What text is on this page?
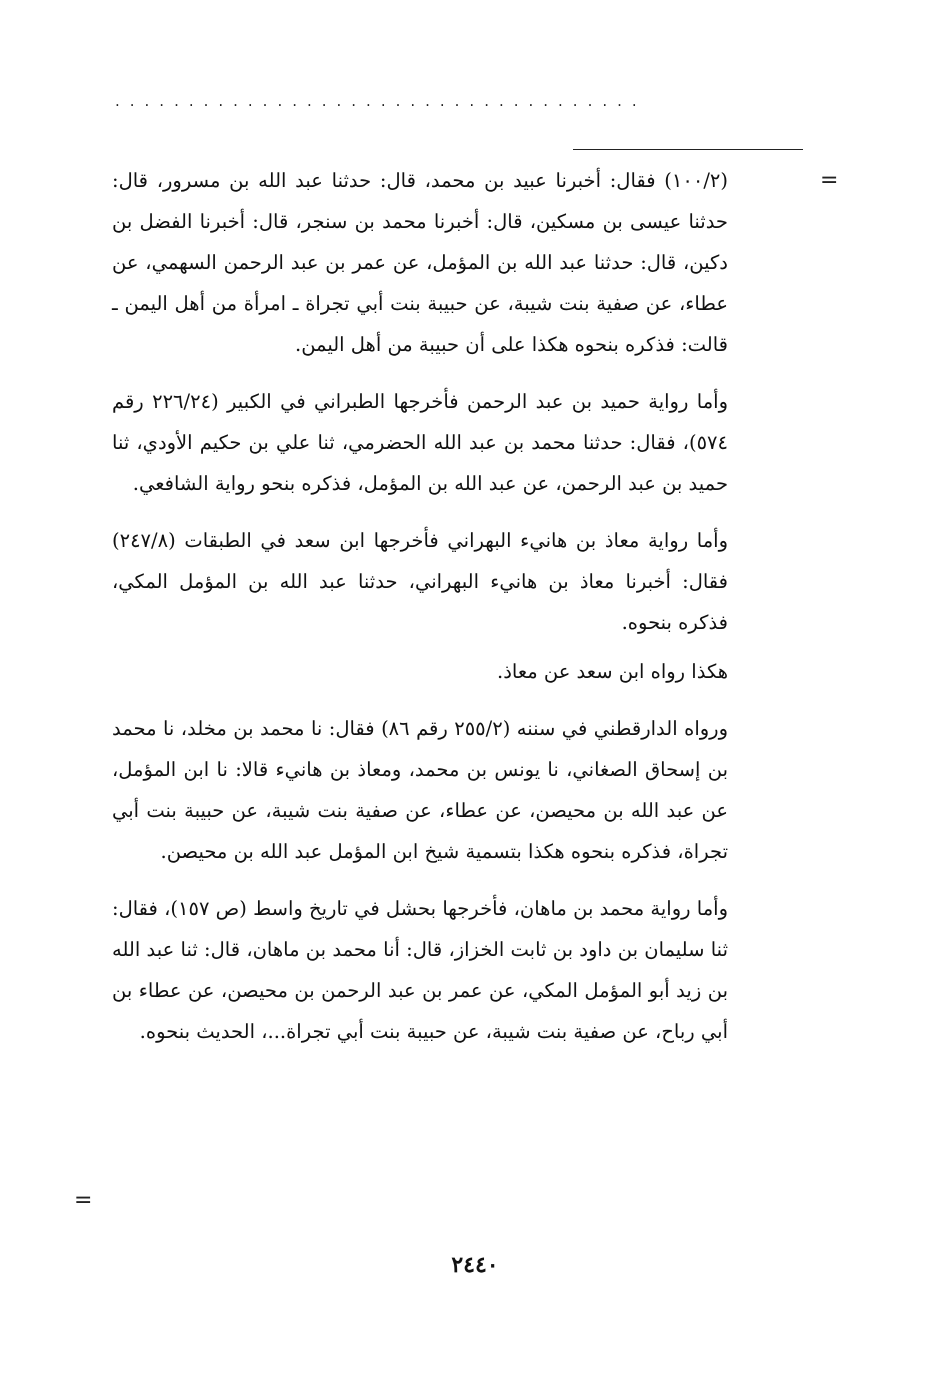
....................................
=
=

(١٠٠/٢) فقال: أخبرنا عبيد بن محمد، قال: حدثنا عبد الله بن مسرور، قال: حدثنا عيسى بن مسكين، قال: أخبرنا محمد بن سنجر، قال: أخبرنا الفضل بن دكين، قال: حدثنا عبد الله بن المؤمل، عن عمر بن عبد الرحمن السهمي، عن عطاء، عن صفية بنت شيبة، عن حبيبة بنت أبي تجراة ـ امرأة من أهل اليمن ـ قالت: فذكره بنحوه هكذا على أن حبيبة من أهل اليمن.

وأما رواية حميد بن عبد الرحمن فأخرجها الطبراني في الكبير (٢٢٦/٢٤ رقم ٥٧٤)، فقال: حدثنا محمد بن عبد الله الحضرمي، ثنا علي بن حكيم الأودي، ثنا حميد بن عبد الرحمن، عن عبد الله بن المؤمل، فذكره بنحو رواية الشافعي.

وأما رواية معاذ بن هانيء البهراني فأخرجها ابن سعد في الطبقات (٢٤٧/٨) فقال: أخبرنا معاذ بن هانيء البهراني، حدثنا عبد الله بن المؤمل المكي، فذكره بنحوه.

هكذا رواه ابن سعد عن معاذ.

ورواه الدارقطني في سننه (٢٥٥/٢ رقم ٨٦) فقال: نا محمد بن مخلد، نا محمد بن إسحاق الصغاني، نا يونس بن محمد، ومعاذ بن هانيء قالا: نا ابن المؤمل، عن عبد الله بن محيصن، عن عطاء، عن صفية بنت شيبة، عن حبيبة بنت أبي تجراة، فذكره بنحوه هكذا بتسمية شيخ ابن المؤمل عبد الله بن محيصن.

وأما رواية محمد بن ماهان، فأخرجها بحشل في تاريخ واسط (ص ١٥٧)، فقال: ثنا سليمان بن داود بن ثابت الخزاز، قال: أنا محمد بن ماهان، قال: ثنا عبد الله بن زيد أبو المؤمل المكي، عن عمر بن عبد الرحمن بن محيصن، عن عطاء بن أبي رباح، عن صفية بنت شيبة، عن حبيبة بنت أبي تجراة...، الحديث بنحوه.

٢٤٤٠
